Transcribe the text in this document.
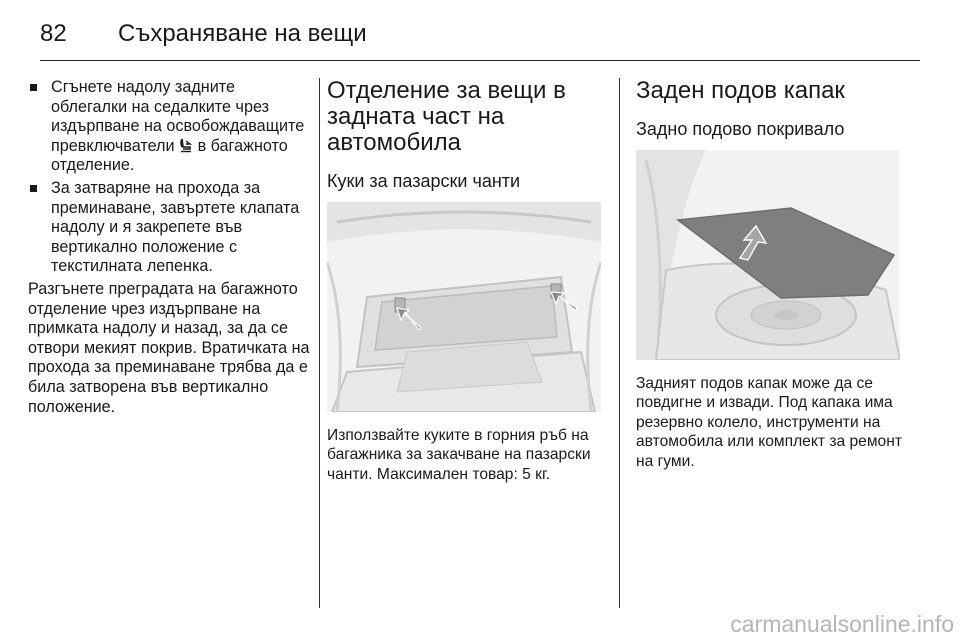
82 Съхраняване на вещи
Сгънете надолу задните облегалки на седалките чрез издърпване на освобождаващите превключватели  в багажното отделение.
За затваряне на прохода за преминаване, завъртете клапата надолу и я закрепете във вертикално положение с текстилната лепенка.
Разгънете преградата на багажното отделение чрез издърпване на примката надолу и назад, за да се отвори мекият покрив. Вратичката на прохода за преминаване трябва да е била затворена във вертикално положение.
Отделение за вещи в задната част на автомобила
Куки за пазарски чанти
Използвайте куките в горния ръб на багажника за закачване на пазарски чанти. Максимален товар: 5 кг.
Заден подов капак
Задно подово покривало
Задният подов капак може да се повдигне и извади. Под капака има резервно колело, инструменти на автомобила или комплект за ремонт на гуми.
carmanualsonline.info
